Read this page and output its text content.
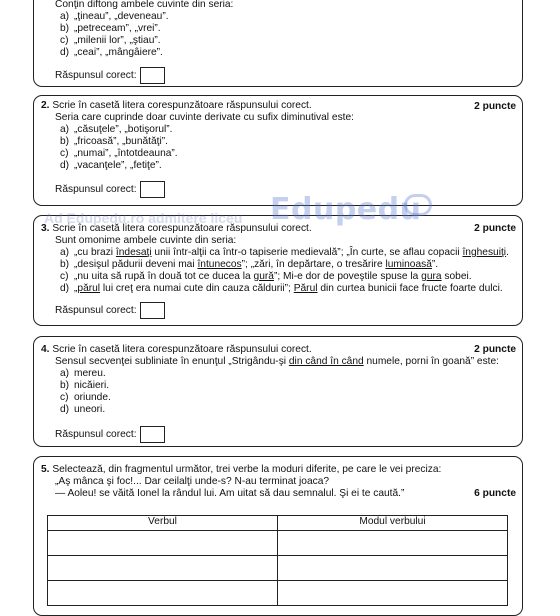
Conţin diftong ambele cuvinte din seria:
a) „ţineau”, „deveneau”.
b) „petreceam”, „vrei”.
c) „milenii lor”, „ştiau”.
d) „ceai”, „mângâiere”.
Răspunsul corect:
2. Scrie în casetă litera corespunzătoare răspunsului corect.	2 puncte
Seria care cuprinde doar cuvinte derivate cu sufix diminutival este:
a) „căsuţele”, „botişorul”.
b) „fricoasă”, „bunătăţi”.
c) „numai”, „întotdeauna”.
d) „vacanţele”, „fetiţe”.
Răspunsul corect:
3. Scrie în casetă litera corespunzătoare răspunsului corect.	2 puncte
Sunt omonime ambele cuvinte din seria:
a) „cu brazi îndesaţi unii într-alţii ca într-o tapiserie medievală”; „În curte, se aflau copacii înghesuiţi.
b) „desişul pădurii deveni mai întunecos”; „zări, în depărtare, o tresărire luminoasă”.
c) „nu uita să rupă în două tot ce ducea la gură”; Mi-e dor de poveştile spuse la gura sobei.
d) „părul lui creţ era numai cute din cauza căldurii”; Părul din curtea bunicii face fructe foarte dulci.
Răspunsul corect:
Ad Edupedu.ro admitere liceu Edupedu
4. Scrie în casetă litera corespunzătoare răspunsului corect.	2 puncte
Sensul secvenţei subliniate în enunţul „Strigându-şi din când în când numele, porni în goană” este:
a) mereu.
b) nicăieri.
c) oriunde.
d) uneori.
Răspunsul corect:
5. Selectează, din fragmentul următor, trei verbe la moduri diferite, pe care le vei preciza:
„Aş mânca şi foc!... Dar ceilalţi unde-s? N-au terminat joaca?
— Aoleu! se văită Ionel la rândul lui. Am uitat să dau semnalul. Şi ei te caută.”	6 puncte
Verbul	Modul verbului
